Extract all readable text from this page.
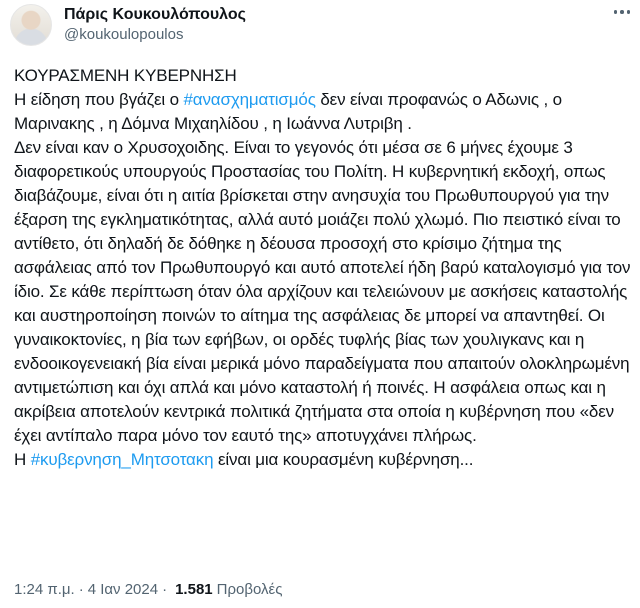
Πάρις Κουκουλόπουλος
@koukoulopoulos

ΚΟΥΡΑΣΜΕΝΗ ΚΥΒΕΡΝΗΣΗ

Η είδηση που βγάζει ο #ανασχηματισμός δεν είναι προφανώς ο Αδωνις , ο Μαρινακης , η Δόμνα Μιχαηλίδου , η Ιωάννα Λυτριβη .

Δεν είναι καν ο Χρυσοχοιδης. Είναι το γεγονός ότι μέσα σε 6 μήνες έχουμε 3 διαφορετικούς υπουργούς Προστασίας του Πολίτη. Η κυβερνητική εκδοχή, οπως διαβάζουμε, είναι ότι η αιτία βρίσκεται στην ανησυχία του Πρωθυπουργού για την έξαρση της εγκληματικότητας, αλλά αυτό μοιάζει πολύ χλωμό. Πιο πειστικό είναι το αντίθετο, ότι δηλαδή δε δόθηκε η δέουσα προσοχή στο κρίσιμο ζήτημα της ασφάλειας από τον Πρωθυπουργό και αυτό αποτελεί ήδη βαρύ καταλογισμό για τον ίδιο. Σε κάθε περίπτωση όταν όλα αρχίζουν και τελειώνουν με ασκήσεις καταστολής και αυστηροποίηση ποινών το αίτημα της ασφάλειας δε μπορεί να απαντηθεί. Οι γυναικοκτονίες, η βία των εφήβων, οι ορδές τυφλής βίας των χουλιγκανς και η ενδοοικογενειακή βία είναι μερικά μόνο παραδείγματα που απαιτούν ολοκληρωμένη αντιμετώπιση και όχι απλά και μόνο καταστολή ή ποινές. Η ασφάλεια οπως και η ακρίβεια αποτελούν κεντρικά πολιτικά ζητήματα στα οποία η κυβέρνηση που «δεν έχει αντίπαλο παρα μόνο τον εαυτό της» αποτυγχάνει πλήρως.

Η #κυβερνηση_Μητσοτακη είναι μια κουρασμένη κυβέρνηση...

1:24 π.μ. · 4 Ιαν 2024 · 1.581 Προβολές
